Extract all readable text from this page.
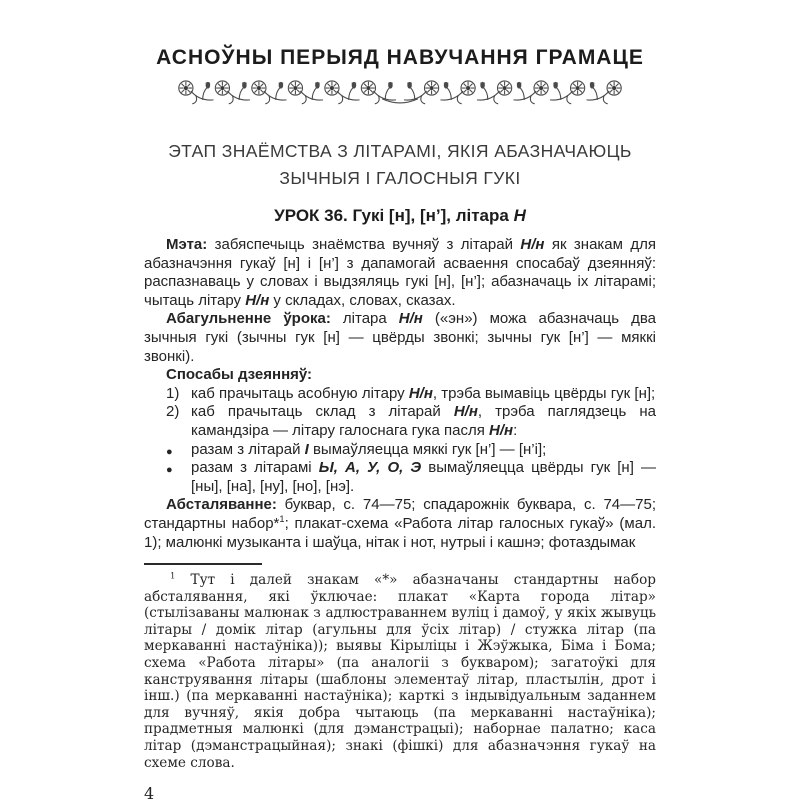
АСНОЎНЫ ПЕРЫЯД НАВУЧАННЯ ГРАМАЦЕ
ЭТАП ЗНАЁМСТВА З ЛІТАРАМІ, ЯКІЯ АБАЗНАЧАЮЦЬ
ЗЫЧНЫЯ І ГАЛОСНЫЯ ГУКІ
УРОК 36. Гукі [н], [н’], літара Н

Мэта: забяспечыць знаёмства вучняў з літарай Н/н як знакам для абазначэння гукаў [н] і [н’] з дапамогай асваення спосабаў дзеянняў: распазнаваць у словах і выдзяляць гукі [н], [н’]; абазначаць іх літарамі; чытаць літару Н/н у складах, словах, сказах.

Абагульненне ўрока: літара Н/н («эн») можа абазначаць два зычныя гукі (зычны гук [н] — цвёрды звонкі; зычны гук [н’] — мяккі звонкі).

Спосабы дзеянняў:

1) каб прачытаць асобную літару Н/н, трэба вымавіць цвёрды гук [н];
2) каб прачытаць склад з літарай Н/н, трэба паглядзець на камандзіра — літару галоснага гука пасля Н/н:
● разам з літарай І вымаўляецца мяккі гук [н’] — [н’і];
● разам з літарамі Ы, А, У, О, Э вымаўляецца цвёрды гук [н] — [ны], [на], [ну], [но], [нэ].

Абсталяванне: буквар, с. 74—75; спадарожнік буквара, с. 74—75; стандартны набор*$^1$; плакат-схема «Работа літар галосных гукаў» (мал. 1); малюнкі музыканта і шаўца, нітак і нот, нутрыі і кашнэ; фотаздымак

$^1$ Тут і далей знакам «*» абазначаны стандартны набор абсталявання, які ўключае: плакат «Карта города літар» (стылізаваны малюнак з адлюстраваннем вуліц і дамоў, у якіх жывуць літары / домік літар (агульны для ўсіх літар) / стужка літар (па меркаванні настаўніка)); выявы Кірыліцы і Жэўжыка, Біма і Бома; схема «Работа літары» (па аналогіі з букваром); загатоўкі для канструявання літары (шаблоны элементаў літар, пластылін, дрот і інш.) (па меркаванні настаўніка); карткі з індывідуальным заданнем для вучняў, якія добра чытаюць (па меркаванні настаўніка); прадметныя малюнкі (для дэманстрацыі); наборнае палатно; каса літар (дэманстрацыйная); знакі (фішкі) для абазначэння гукаў на схеме слова.
4
